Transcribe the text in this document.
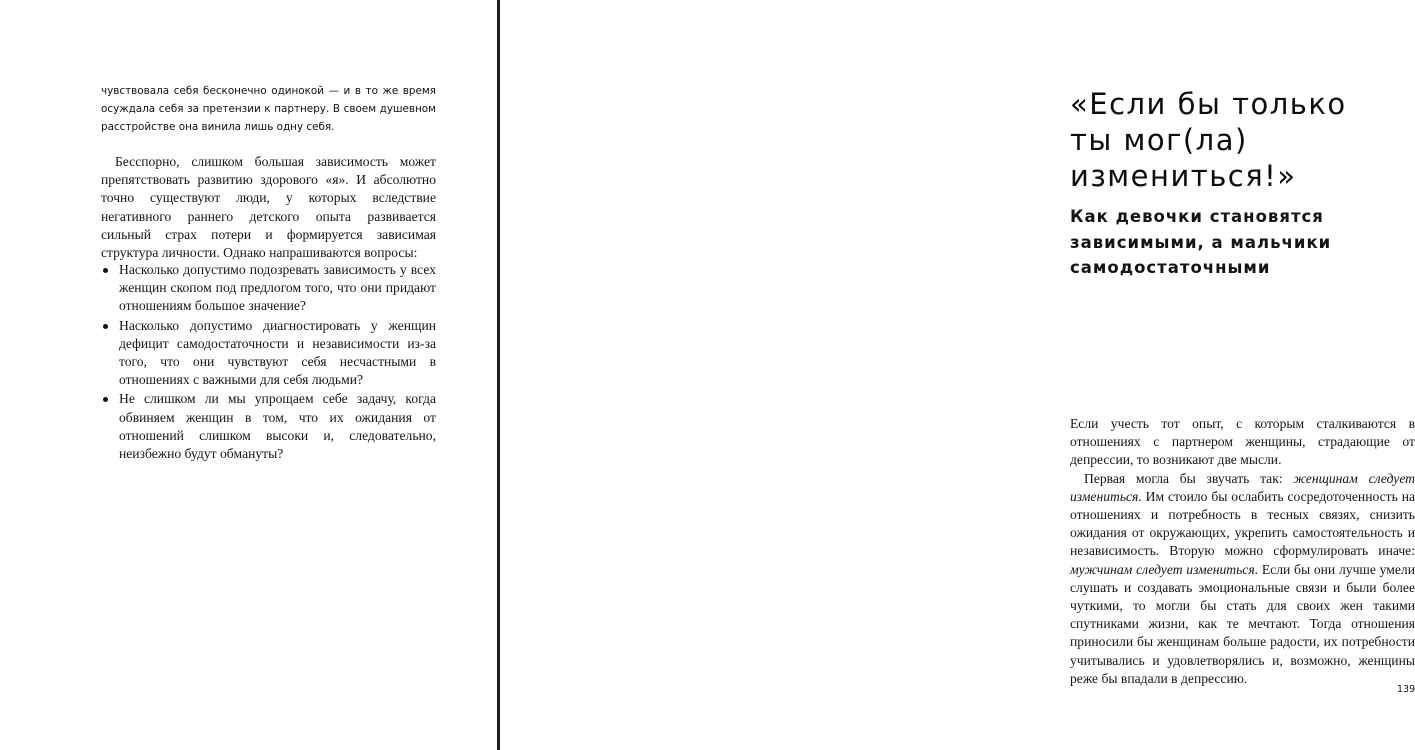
чувствовала себя бесконечно одинокой — и в то же время осуждала себя за претензии к партнеру. В своем душевном расстройстве она винила лишь одну себя.

Бесспорно, слишком большая зависимость может препятствовать развитию здорового «я». И абсолютно точно существуют люди, у которых вследствие негативного раннего детского опыта развивается сильный страх потери и формируется зависимая структура личности. Однако напрашиваются вопросы:

Насколько допустимо подозревать зависимость у всех женщин скопом под предлогом того, что они придают отношениям большое значение?
Насколько допустимо диагностировать у женщин дефицит самодостаточности и независимости из-за того, что они чувствуют себя несчастными в отношениях с важными для себя людьми?
Не слишком ли мы упрощаем себе задачу, когда обвиняем женщин в том, что их ожидания от отношений слишком высоки и, следовательно, неизбежно будут обмануты?
«Если бы только ты мог(ла) измениться!»
Как девочки становятся зависимыми, а мальчики самодостаточными

Если учесть тот опыт, с которым сталкиваются в отношениях с партнером женщины, страдающие от депрессии, то возникают две мысли.

Первая могла бы звучать так: женщинам следует измениться. Им стоило бы ослабить сосредоточенность на отношениях и потребность в тесных связях, снизить ожидания от окружающих, укрепить самостоятельность и независимость. Вторую можно сформулировать иначе: мужчинам следует измениться. Если бы они лучше умели слушать и создавать эмоциональные связи и были более чуткими, то могли бы стать для своих жен такими спутниками жизни, как те мечтают. Тогда отношения приносили бы женщинам больше радости, их потребности учитывались и удовлетворялись и, возможно, женщины реже бы впадали в депрессию.

139
